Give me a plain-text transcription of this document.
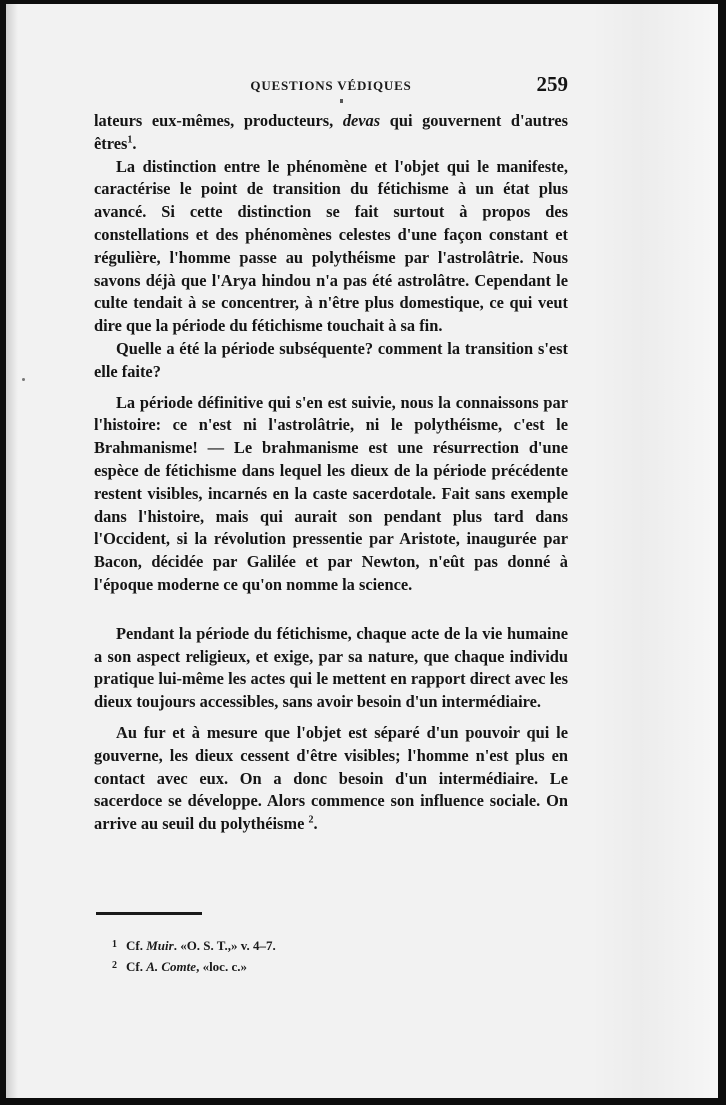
QUESTIONS VÉDIQUES	259

lateurs eux-mêmes, producteurs, devas qui gouvernent d'autres êtres$^1$.

La distinction entre le phénomène et l'objet qui le manifeste, caractérise le point de transition du fétichisme à un état plus avancé. Si cette distinction se fait surtout à propos des constellations et des phénomènes celestes d'une façon constant et régulière, l'homme passe au polythéisme par l'astrolâtrie. Nous savons déjà que l'Arya hindou n'a pas été astrolâtre. Cependant le culte tendait à se concentrer, à n'être plus domestique, ce qui veut dire que la période du fétichisme touchait à sa fin.

Quelle a été la période subséquente? comment la transition s'est elle faite?

La période définitive qui s'en est suivie, nous la connaissons par l'histoire: ce n'est ni l'astrolâtrie, ni le polythéisme, c'est le Brahmanisme! — Le brahmanisme est une résurrection d'une espèce de fétichisme dans lequel les dieux de la période précédente restent visibles, incarnés en la caste sacerdotale. Fait sans exemple dans l'histoire, mais qui aurait son pendant plus tard dans l'Occident, si la révolution pressentie par Aristote, inaugurée par Bacon, décidée par Galilée et par Newton, n'eût pas donné à l'époque moderne ce qu'on nomme la science.

Pendant la période du fétichisme, chaque acte de la vie humaine a son aspect religieux, et exige, par sa nature, que chaque individu pratique lui-même les actes qui le mettent en rapport direct avec les dieux toujours accessibles, sans avoir besoin d'un intermédiaire.

Au fur et à mesure que l'objet est séparé d'un pouvoir qui le gouverne, les dieux cessent d'être visibles; l'homme n'est plus en contact avec eux. On a donc besoin d'un intermédiaire. Le sacerdoce se développe. Alors commence son influence sociale. On arrive au seuil du polythéisme $^2$.

1 Cf. Muir. «O. S. T.,» v. 4–7.
2 Cf. A. Comte, «loc. c.»
